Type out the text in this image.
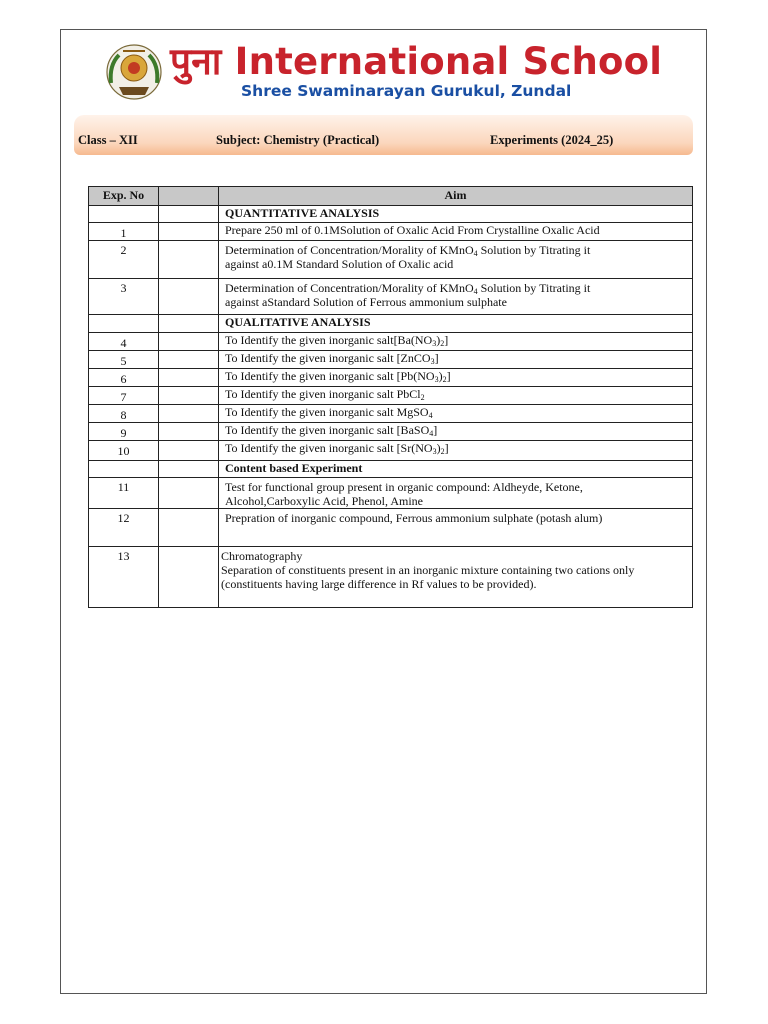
पुना International School
Shree Swaminarayan Gurukul, Zundal
Class – XII	Subject: Chemistry (Practical)	Experiments (2024_25)
Exp. No		Aim
		QUANTITATIVE ANALYSIS
1		Prepare 250 ml of 0.1MSolution of Oxalic Acid From Crystalline Oxalic Acid
2		Determination of Concentration/Morality of KMnO$_4$ Solution by Titrating it
against a0.1M Standard Solution of Oxalic acid
3		Determination of Concentration/Morality of KMnO$_4$ Solution by Titrating it
against aStandard Solution of Ferrous ammonium sulphate
		QUALITATIVE ANALYSIS
4		To Identify the given inorganic $salt[Ba(NO_3)_2]$
5		To Identify the given inorganic salt [ZnCO$_3$]
6		To Identify the given inorganic salt $[Pb(NO_3)_2]$
7		To Identify the given inorganic salt PbCl$_2$
8		To Identify the given inorganic salt MgSO$_4$
9		To Identify the given inorganic salt [BaSO$_4$]
10		To Identify the given inorganic salt $[Sr(NO_3)_2]$
		Content based Experiment
11		Test for functional group present in organic compound: Aldheyde, Ketone,
Alcohol,Carboxylic Acid, Phenol, Amine
12		Prepration of inorganic compound, Ferrous ammonium sulphate (potash alum)
13		Chromatography
Separation of constituents present in an inorganic mixture containing two cations only
(constituents having large difference in Rf values to be provided).
